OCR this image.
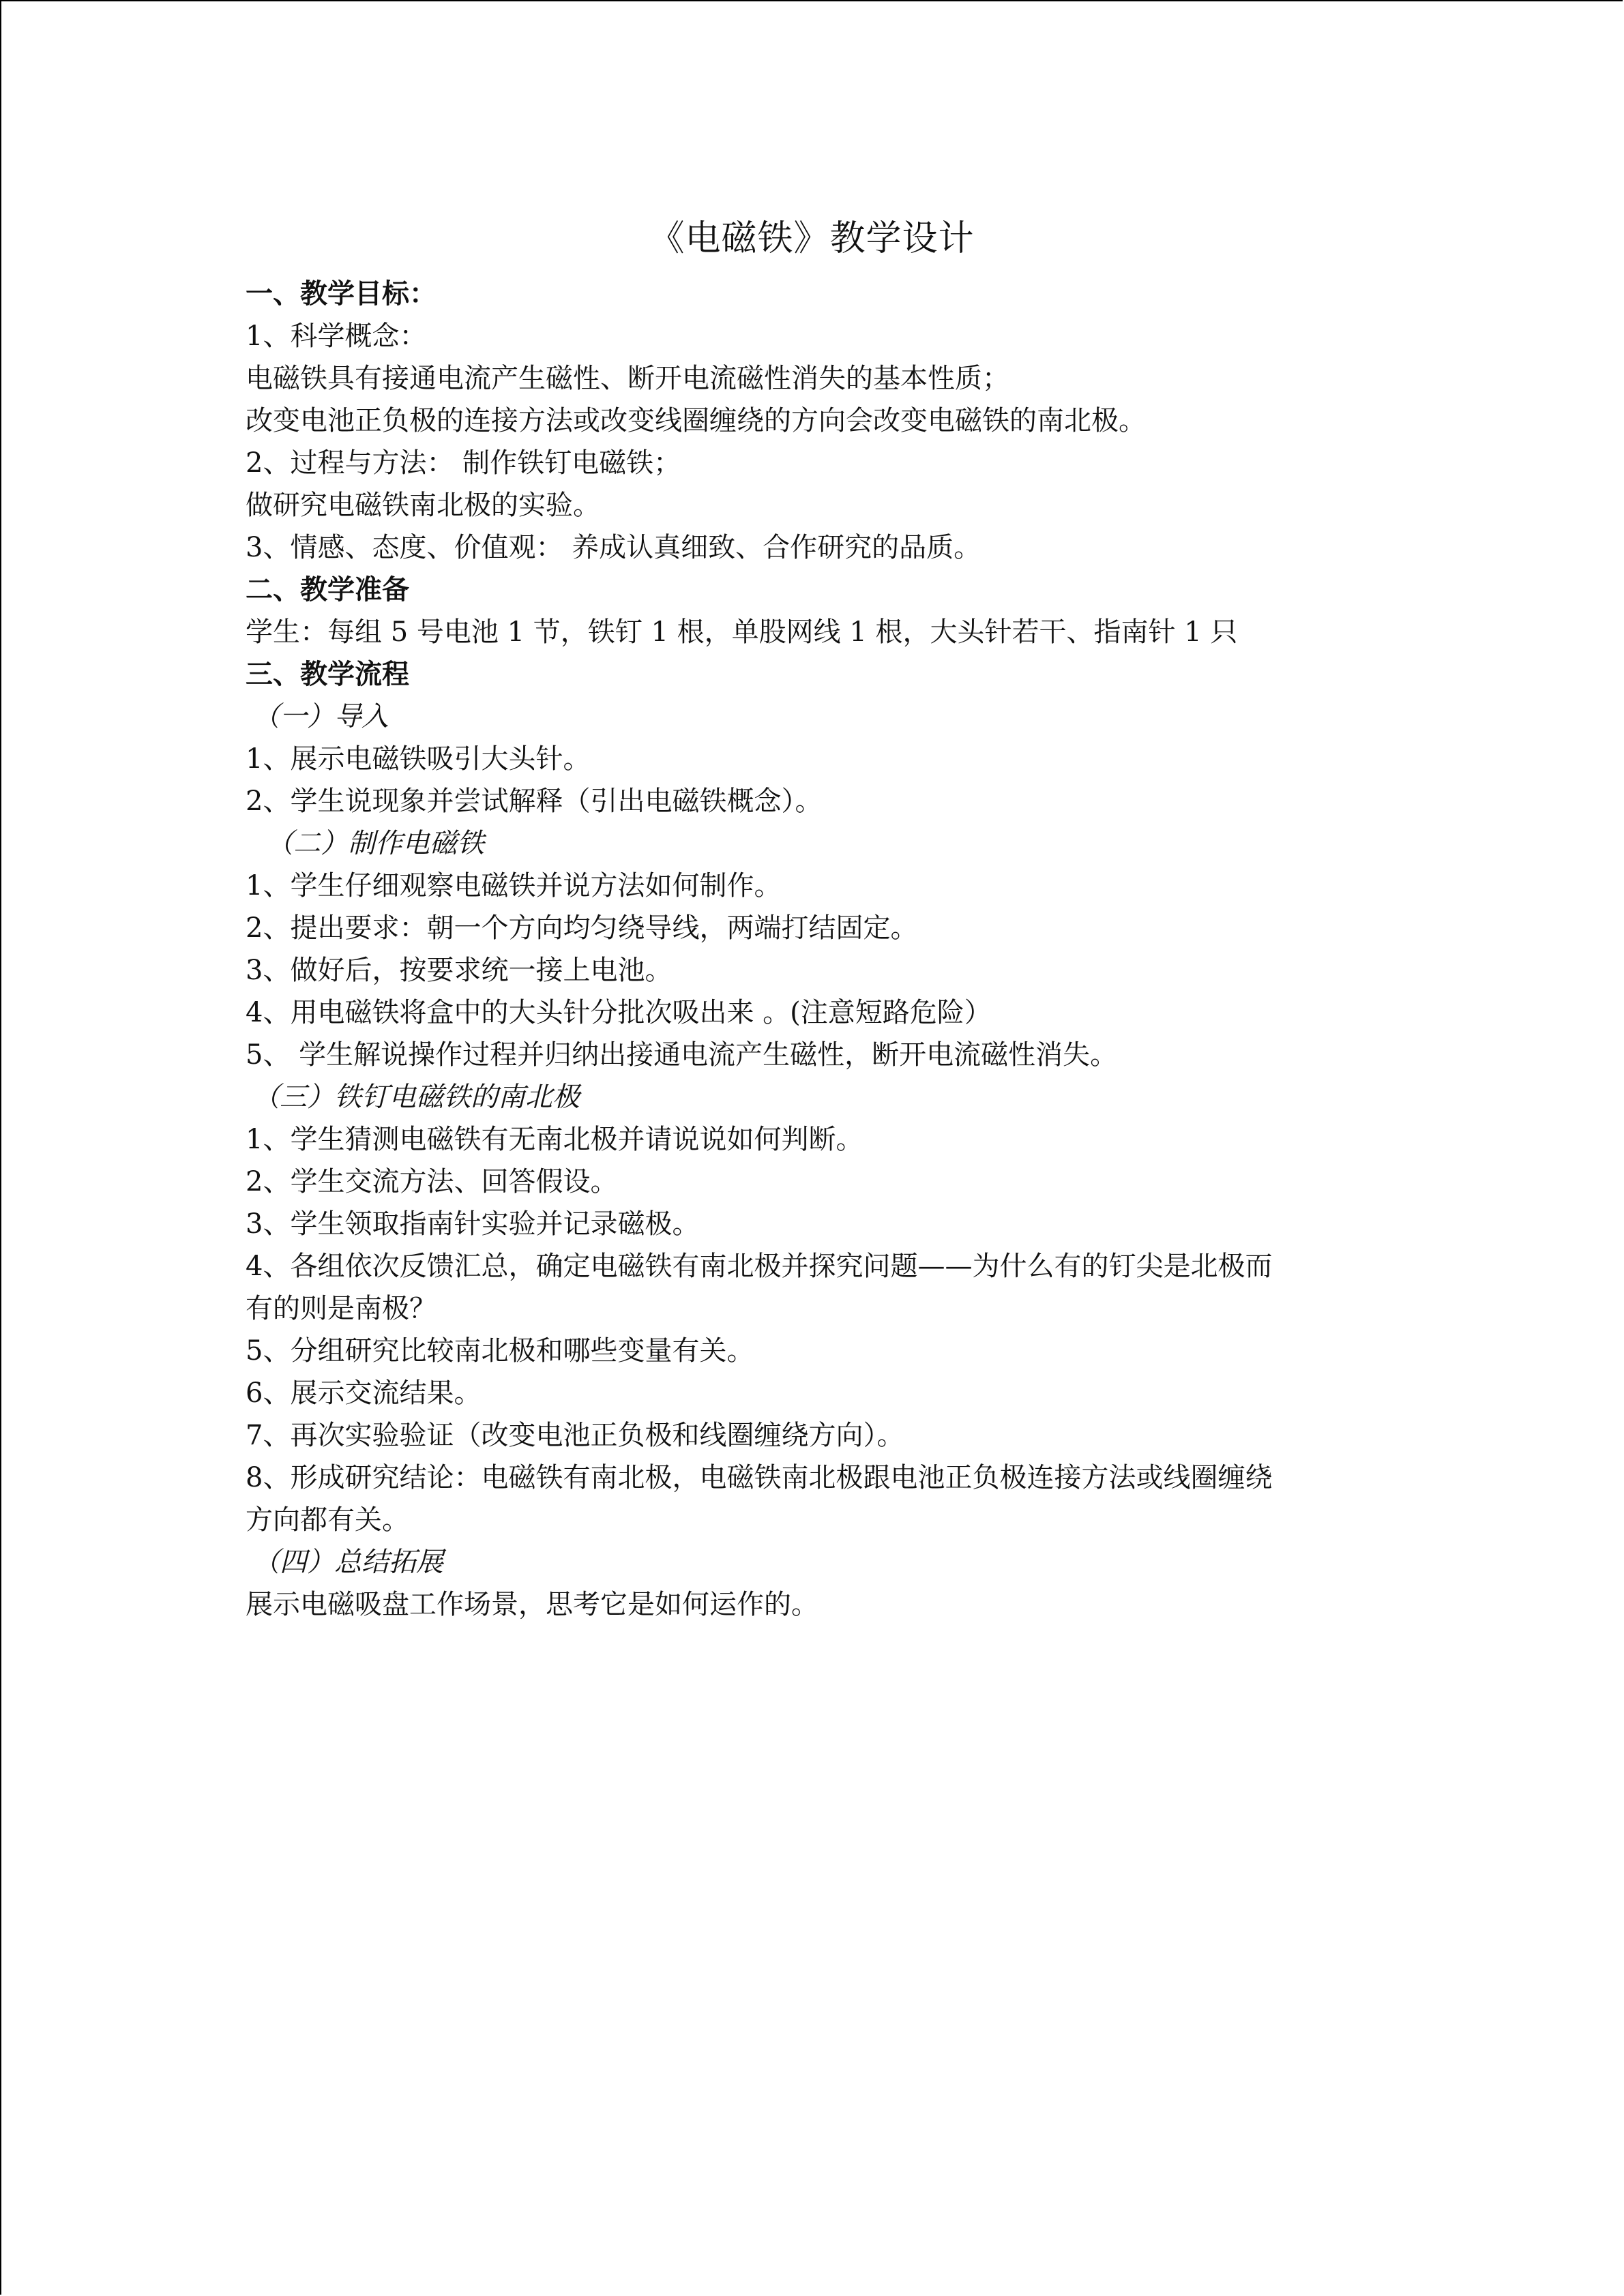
《电磁铁》教学设计

一、教学目标：

1、科学概念：

电磁铁具有接通电流产生磁性、断开电流磁性消失的基本性质；

改变电池正负极的连接方法或改变线圈缠绕的方向会改变电磁铁的南北极。

2、过程与方法： 制作铁钉电磁铁；

做研究电磁铁南北极的实验。

3、情感、态度、价值观： 养成认真细致、合作研究的品质。

二、教学准备

学生：每组 5 号电池 1 节，铁钉 1 根，单股网线 1 根，大头针若干、指南针 1 只

三、教学流程

（一）导入

1、展示电磁铁吸引大头针。

2、学生说现象并尝试解释（引出电磁铁概念）。

（二）制作电磁铁

1、学生仔细观察电磁铁并说方法如何制作。

2、提出要求：朝一个方向均匀绕导线，两端打结固定。

3、做好后，按要求统一接上电池。

4、用电磁铁将盒中的大头针分批次吸出来 。(注意短路危险）

5、 学生解说操作过程并归纳出接通电流产生磁性，断开电流磁性消失。

（三）铁钉电磁铁的南北极

1、学生猜测电磁铁有无南北极并请说说如何判断。

2、学生交流方法、回答假设。

3、学生领取指南针实验并记录磁极。

4、各组依次反馈汇总，确定电磁铁有南北极并探究问题——为什么有的钉尖是北极而

有的则是南极？

5、分组研究比较南北极和哪些变量有关。

6、展示交流结果。

7、再次实验验证（改变电池正负极和线圈缠绕方向）。

8、形成研究结论：电磁铁有南北极，电磁铁南北极跟电池正负极连接方法或线圈缠绕

方向都有关。

（四）总结拓展

展示电磁吸盘工作场景，思考它是如何运作的。
